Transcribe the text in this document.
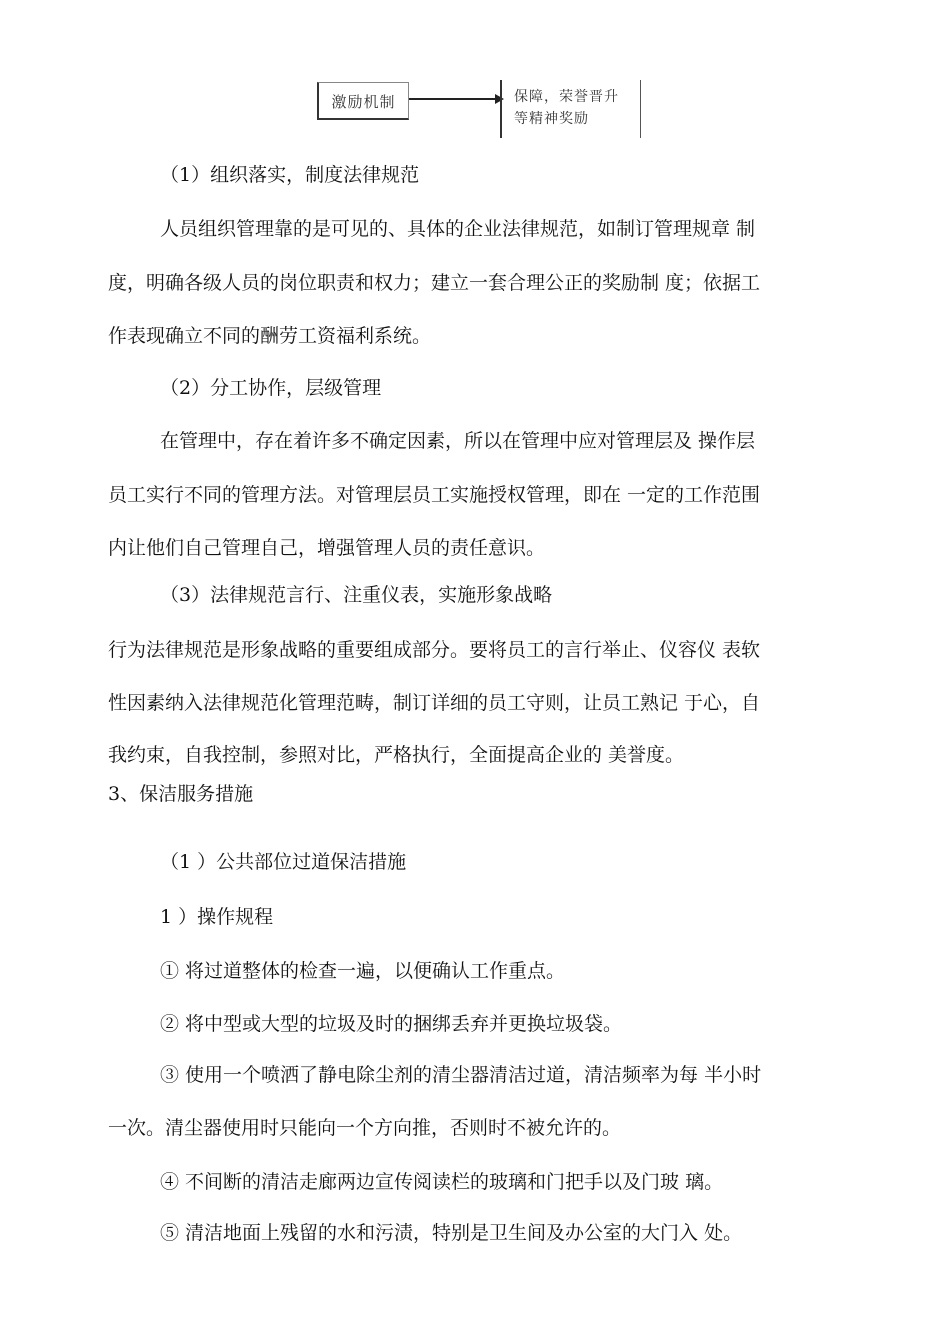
激励机制	保障，荣誉晋升
等精神奖励
（1）组织落实，制度法律规范
人员组织管理靠的是可见的、具体的企业法律规范，如制订管理规章 制
度，明确各级人员的岗位职责和权力；建立一套合理公正的奖励制 度；依据工
作表现确立不同的酬劳工资福利系统。
（2）分工协作，层级管理
在管理中，存在着许多不确定因素，所以在管理中应对管理层及 操作层
员工实行不同的管理方法。对管理层员工实施授权管理，即在 一定的工作范围
内让他们自己管理自己，增强管理人员的责任意识。
（3）法律规范言行、注重仪表，实施形象战略
行为法律规范是形象战略的重要组成部分。要将员工的言行举止、仪容仪 表软
性因素纳入法律规范化管理范畴，制订详细的员工守则，让员工熟记 于心，自
我约束，自我控制，参照对比，严格执行，全面提高企业的 美誉度。
3、保洁服务措施
（1 ）公共部位过道保洁措施
1 ）操作规程
① 将过道整体的检查一遍，以便确认工作重点。
② 将中型或大型的垃圾及时的捆绑丢弃并更换垃圾袋。
③ 使用一个喷洒了静电除尘剂的清尘器清洁过道，清洁频率为每 半小时
一次。清尘器使用时只能向一个方向推，否则时不被允许的。
④ 不间断的清洁走廊两边宣传阅读栏的玻璃和门把手以及门玻 璃。
⑤ 清洁地面上残留的水和污渍，特别是卫生间及办公室的大门入 处。
